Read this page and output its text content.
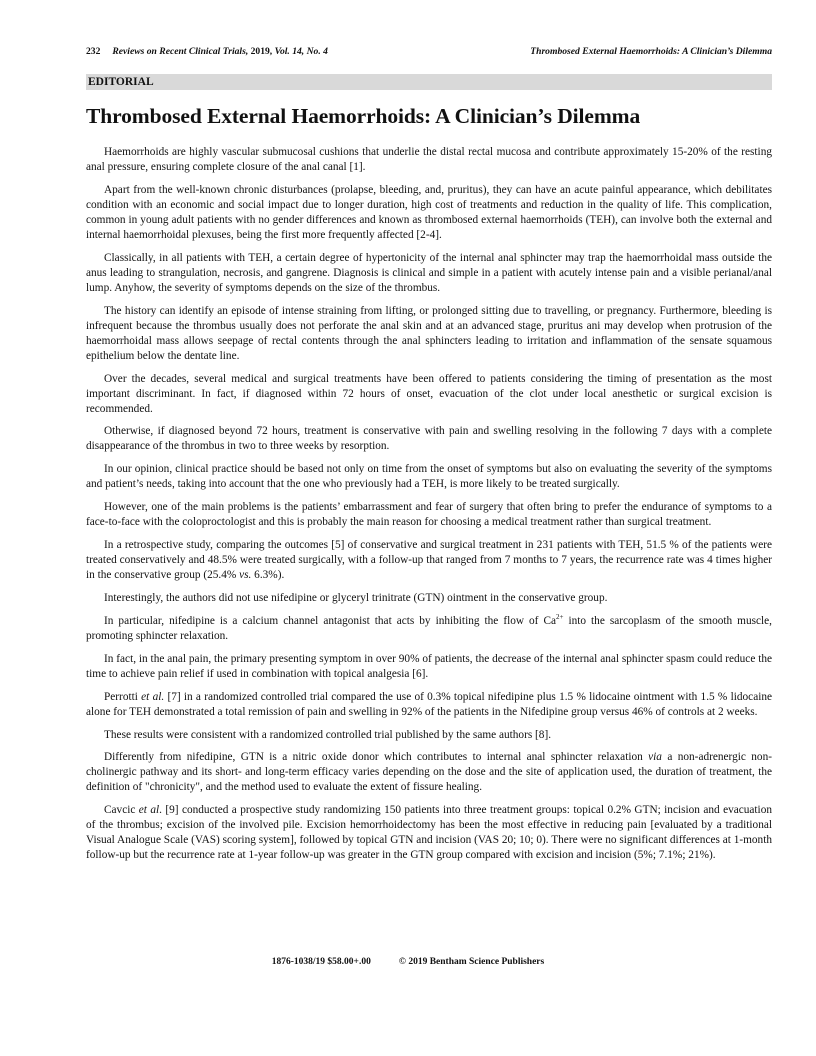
232 Reviews on Recent Clinical Trials, 2019, Vol. 14, No. 4	Thrombosed External Haemorrhoids: A Clinician’s Dilemma
EDITORIAL
Thrombosed External Haemorrhoids: A Clinician’s Dilemma

Haemorrhoids are highly vascular submucosal cushions that underlie the distal rectal mucosa and contribute approximately 15-20% of the resting anal pressure, ensuring complete closure of the anal canal [1].

Apart from the well-known chronic disturbances (prolapse, bleeding, and, pruritus), they can have an acute painful appearance, which debilitates condition with an economic and social impact due to longer duration, high cost of treatments and reduction in the quality of life. This complication, common in young adult patients with no gender differences and known as thrombosed external haemorrhoids (TEH), can involve both the external and internal haemorrhoidal plexuses, being the first more frequently affected [2-4].

Classically, in all patients with TEH, a certain degree of hypertonicity of the internal anal sphincter may trap the haemorrhoidal mass outside the anus leading to strangulation, necrosis, and gangrene. Diagnosis is clinical and simple in a patient with acutely intense pain and a visible perianal/anal lump. Anyhow, the severity of symptoms depends on the size of the thrombus.

The history can identify an episode of intense straining from lifting, or prolonged sitting due to travelling, or pregnancy. Furthermore, bleeding is infrequent because the thrombus usually does not perforate the anal skin and at an advanced stage, pruritus ani may develop when protrusion of the haemorrhoidal mass allows seepage of rectal contents through the anal sphincters leading to irritation and inflammation of the sensate squamous epithelium below the dentate line.

Over the decades, several medical and surgical treatments have been offered to patients considering the timing of presentation as the most important discriminant. In fact, if diagnosed within 72 hours of onset, evacuation of the clot under local anesthetic or surgical excision is recommended.

Otherwise, if diagnosed beyond 72 hours, treatment is conservative with pain and swelling resolving in the following 7 days with a complete disappearance of the thrombus in two to three weeks by resorption.

In our opinion, clinical practice should be based not only on time from the onset of symptoms but also on evaluating the severity of the symptoms and patient’s needs, taking into account that the one who previously had a TEH, is more likely to be treated surgically.

However, one of the main problems is the patients’ embarrassment and fear of surgery that often bring to prefer the endurance of symptoms to a face-to-face with the coloproctologist and this is probably the main reason for choosing a medical treatment rather than surgical treatment.

In a retrospective study, comparing the outcomes [5] of conservative and surgical treatment in 231 patients with TEH, 51.5 % of the patients were treated conservatively and 48.5% were treated surgically, with a follow-up that ranged from 7 months to 7 years, the recurrence rate was 4 times higher in the conservative group (25.4% vs. 6.3%).

Interestingly, the authors did not use nifedipine or glyceryl trinitrate (GTN) ointment in the conservative group.

In particular, nifedipine is a calcium channel antagonist that acts by inhibiting the flow of $Ca^{2+}$ into the sarcoplasm of the smooth muscle, promoting sphincter relaxation.

In fact, in the anal pain, the primary presenting symptom in over 90% of patients, the decrease of the internal anal sphincter spasm could reduce the time to achieve pain relief if used in combination with topical analgesia [6].

Perrotti et al. [7] in a randomized controlled trial compared the use of 0.3% topical nifedipine plus 1.5 % lidocaine ointment with 1.5 % lidocaine alone for TEH demonstrated a total remission of pain and swelling in 92% of the patients in the Nifedipine group versus 46% of controls at 2 weeks.

These results were consistent with a randomized controlled trial published by the same authors [8].

Differently from nifedipine, GTN is a nitric oxide donor which contributes to internal anal sphincter relaxation via a non-adrenergic non-cholinergic pathway and its short- and long-term efficacy varies depending on the dose and the site of application used, the duration of treatment, the definition of "chronicity", and the method used to evaluate the extent of fissure healing.

Cavcic et al. [9] conducted a prospective study randomizing 150 patients into three treatment groups: topical 0.2% GTN; incision and evacuation of the thrombus; excision of the involved pile. Excision hemorrhoidectomy has been the most effective in reducing pain [evaluated by a traditional Visual Analogue Scale (VAS) scoring system], followed by topical GTN and incision (VAS 20; 10; 0). There were no significant differences at 1-month follow-up but the recurrence rate at 1-year follow-up was greater in the GTN group compared with excision and incision (5%; 7.1%; 21%).

1876-1038/19 $58.00+.00	© 2019 Bentham Science Publishers
